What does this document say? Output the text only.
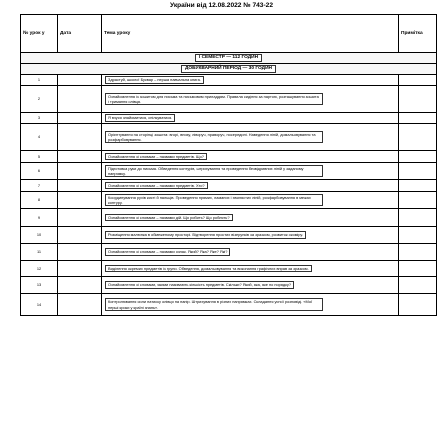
України від 12.08.2022 № 743-22
№ урок у	Дата	Тема уроку	Примітка
І СЕМЕСТР — 112 ГОДИН			
ДОБУКВАРНИЙ ПЕРІОД — 30 ГОДИН			
1		Здрастуй, школо! Буквар – перша навчальна книга.	
2		Ознайомлення із зошитом для письма та письмовим приладдям. Правила сидіння за партою, розташування зошита і тримання олівця.	
3		Я вчуся знайомитися, спілкуватися.	
4		Орієнтування на сторінці зошита: вгорі, внизу, ліворуч, праворуч, посередині. Наведення ліній, домальовування та розфарбовування.	
5		Ознайомлення зі словами – назвами предметів. Що?	
6		Підготовка руки до письма. Обведення контурів, штрихування та проведення безвідривних ліній у заданому напрямку.	
7		Ознайомлення зі словами – назвами предметів. Хто?	
8		Координування рухів кисті й пальців. Проведення прямих, ламаних і хвилястих ліній, розфарбовування в межах контуру.	
9		Ознайомлення зі словами – назвами дій. Що робить? Що роблять?	
10		Розміщення малюнка в обмеженому просторі. Відтворення простих візерунків за зразком, розвиток окоміру.	
11		Ознайомлення зі словами – назвами ознак. Який? Яка? Яке? Які?	
12		Виділення окремих предметів із групи. Обведення, домальовування та виконання графічних вправ за зразком.	
13		Ознайомлення зі словами, якими називають кількість предметів. Скільки? Який, яка, яке по порядку?	
14		Контролювання сили натиску олівця на папір. Штрихування в різних напрямках. Складання усної розповіді. «Мої перші кроки у країні знань».	
